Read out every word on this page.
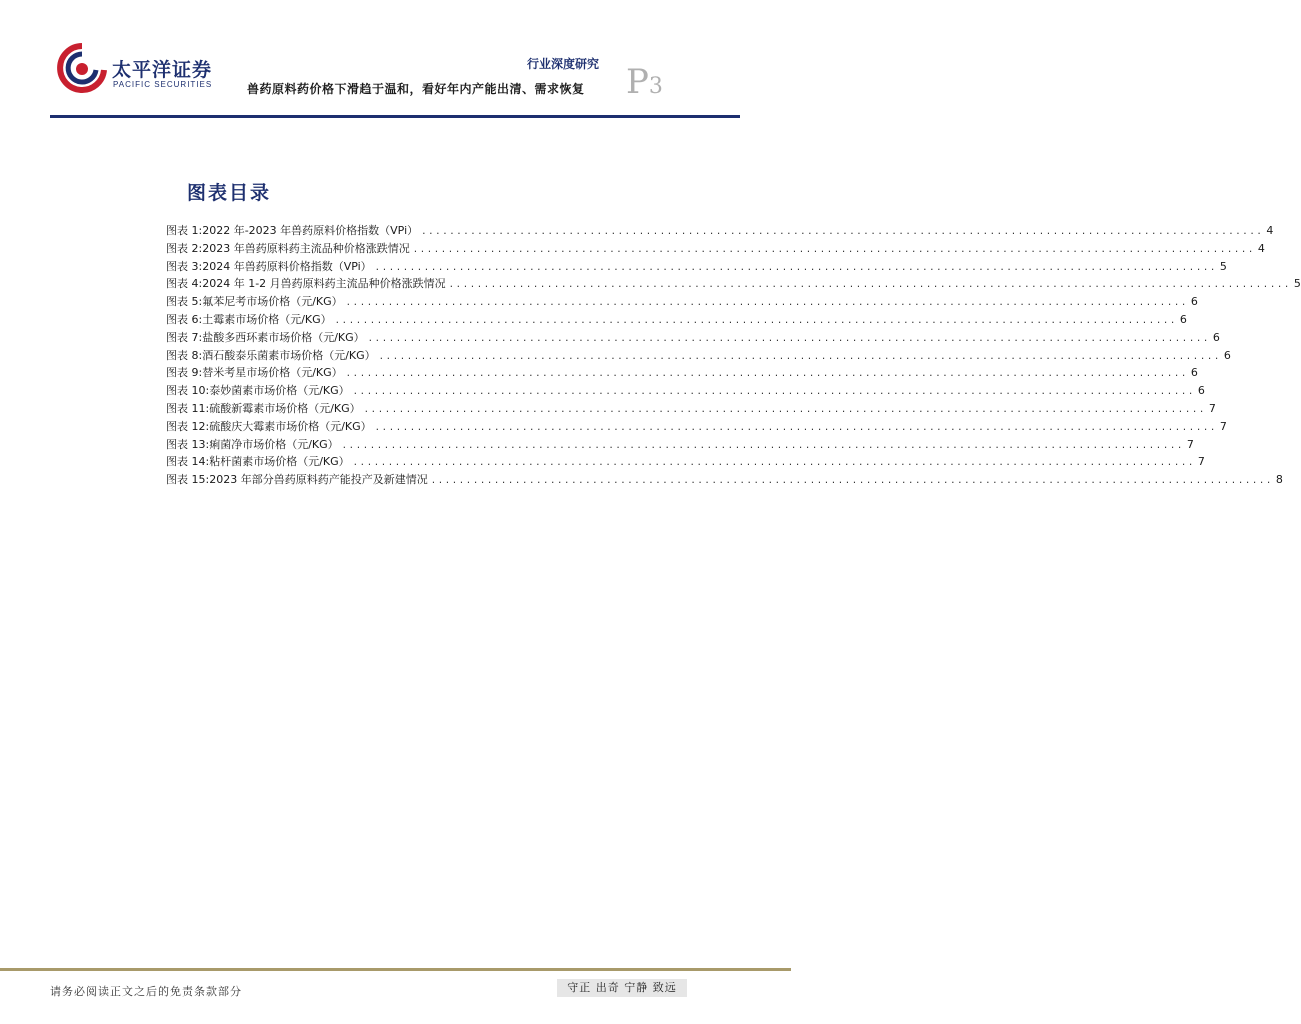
太平洋证券
PACIFIC SECURITIES
行业深度研究
兽药原料药价格下滑趋于温和，看好年内产能出清、需求恢复 P3
图表目录
图表 1: 2022 年-2023 年兽药原料价格指数（VPi） ........................................................................................................................ 4
图表 2: 2023 年兽药原料药主流品种价格涨跌情况 ........................................................................................................................ 4
图表 3: 2024 年兽药原料价格指数（VPi） ........................................................................................................................ 5
图表 4: 2024 年 1-2 月兽药原料药主流品种价格涨跌情况 ........................................................................................................................ 5
图表 5: 氟苯尼考市场价格（元/KG） ........................................................................................................................ 6
图表 6: 土霉素市场价格（元/KG） ........................................................................................................................ 6
图表 7: 盐酸多西环素市场价格（元/KG） ........................................................................................................................ 6
图表 8: 酒石酸泰乐菌素市场价格（元/KG） ........................................................................................................................ 6
图表 9: 替米考星市场价格（元/KG） ........................................................................................................................ 6
图表 10: 泰妙菌素市场价格（元/KG） ........................................................................................................................ 6
图表 11: 硫酸新霉素市场价格（元/KG） ........................................................................................................................ 7
图表 12: 硫酸庆大霉素市场价格（元/KG） ........................................................................................................................ 7
图表 13: 痢菌净市场价格（元/KG） ........................................................................................................................ 7
图表 14: 粘杆菌素市场价格（元/KG） ........................................................................................................................ 7
图表 15: 2023 年部分兽药原料药产能投产及新建情况 ........................................................................................................................ 8
请务必阅读正文之后的免责条款部分	守正 出奇 宁静 致远
